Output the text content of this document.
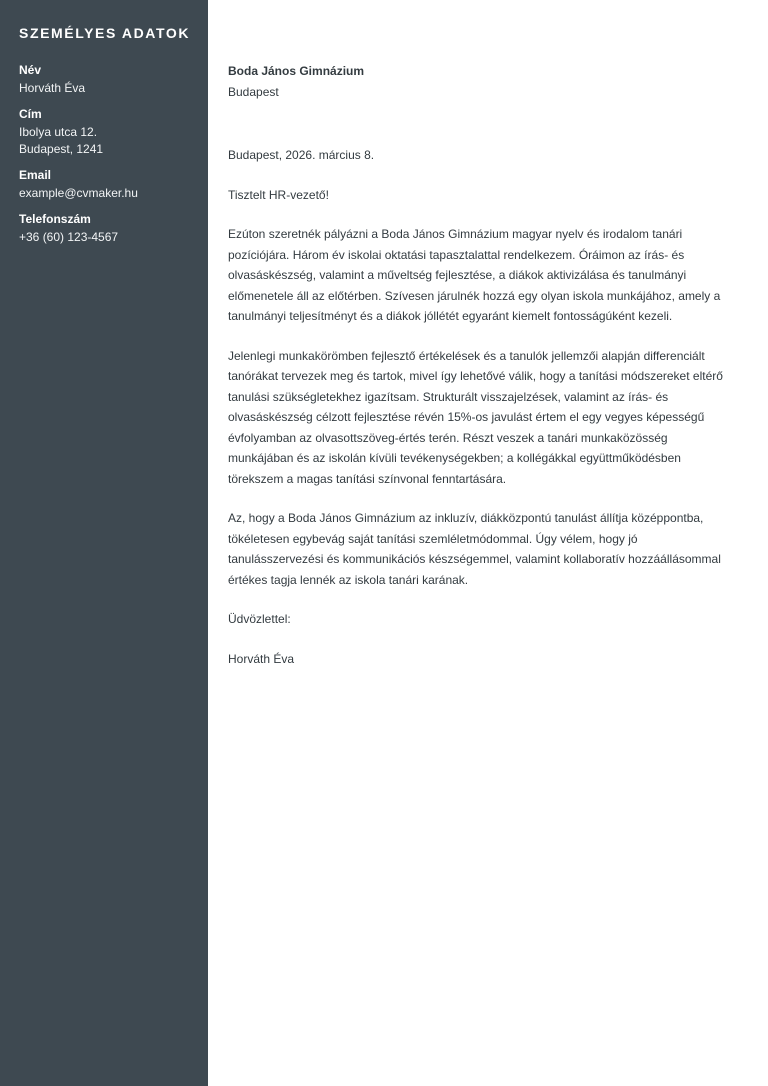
SZEMÉLYES ADATOK
Név
Horváth Éva
Cím
Ibolya utca 12.
Budapest, 1241
Email
example@cvmaker.hu
Telefonszám
+36 (60) 123-4567

Boda János Gimnázium

Budapest

Budapest, 2026. március 8.

Tisztelt HR-vezető!

Ezúton szeretnék pályázni a Boda János Gimnázium magyar nyelv és irodalom tanári pozíciójára. Három év iskolai oktatási tapasztalattal rendelkezem. Óráimon az írás- és olvasáskészség, valamint a műveltség fejlesztése, a diákok aktivizálása és tanulmányi előmenetele áll az előtérben. Szívesen járulnék hozzá egy olyan iskola munkájához, amely a tanulmányi teljesítményt és a diákok jóllétét egyaránt kiemelt fontosságúként kezeli.

Jelenlegi munkakörömben fejlesztő értékelések és a tanulók jellemzői alapján differenciált tanórákat tervezek meg és tartok, mivel így lehetővé válik, hogy a tanítási módszereket eltérő tanulási szükségletekhez igazítsam. Strukturált visszajelzések, valamint az írás- és olvasáskészség célzott fejlesztése révén 15%-os javulást értem el egy vegyes képességű évfolyamban az olvasottszöveg-értés terén. Részt veszek a tanári munkaközösség munkájában és az iskolán kívüli tevékenységekben; a kollégákkal együttműködésben törekszem a magas tanítási színvonal fenntartására.

Az, hogy a Boda János Gimnázium az inkluzív, diákközpontú tanulást állítja középpontba, tökéletesen egybevág saját tanítási szemléletmódommal. Úgy vélem, hogy jó tanulásszervezési és kommunikációs készségemmel, valamint kollaboratív hozzáállásommal értékes tagja lennék az iskola tanári karának.

Üdvözlettel:

Horváth Éva
